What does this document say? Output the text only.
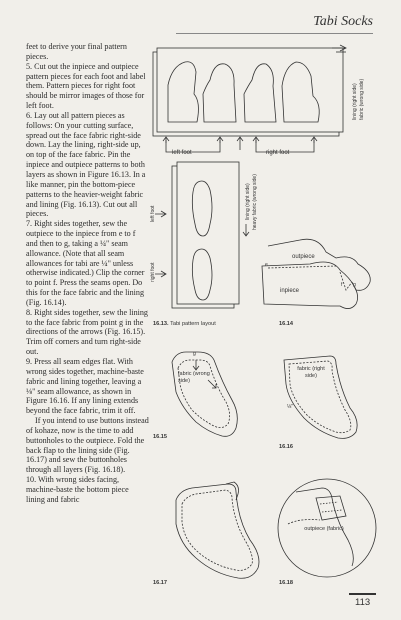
Tabi Socks

feet to derive your final pattern pieces.

5. Cut out the inpiece and outpiece pattern pieces for each foot and label them. Pattern pieces for right foot should be mirror images of those for left foot.

6. Lay out all pattern pieces as follows: On your cutting surface, spread out the face fabric right-side down. Lay the lining, right-side up, on top of the face fabric. Pin the inpiece and outpiece patterns to both layers as shown in Figure 16.13. In a like manner, pin the bottom-piece patterns to the heavier-weight fabric and lining (Fig. 16.13). Cut out all pieces.

7. Right sides together, sew the outpiece to the inpiece from e to f and then to g, taking a ¼" seam allowance. (Note that all seam allowances for tabi are ¼" unless otherwise indicated.) Clip the corner to point f. Press the seams open. Do this for the face fabric and the lining (Fig. 16.14).

8. Right sides together, sew the lining to the face fabric from point g in the directions of the arrows (Fig. 16.15). Trim off corners and turn right-side out.

9. Press all seam edges flat. With wrong sides together, machine-baste fabric and lining together, leaving a ⅛" seam allowance, as shown in Figure 16.16. If any lining extends beyond the face fabric, trim it off.

If you intend to use buttons instead of kohaze, now is the time to add buttonholes to the outpiece. Fold the back flap to the lining side (Fig. 16.17) and sew the buttonholes through all layers (Fig. 16.18).

10. With wrong sides facing, machine-baste the bottom piece lining and fabric

lining (right side) fabric (wrong side)
left foot	right foot
lining (right side) heavy fabric (wrong side)
left foot
right foot
16.13. Tabi pattern layout
outpiece
inpiece
e
f g
16.14
fabric (wrong side)
g
16.15
fabric (right side)
⅛"
16.16
16.17
outpiece (fabric)
16.18
113
